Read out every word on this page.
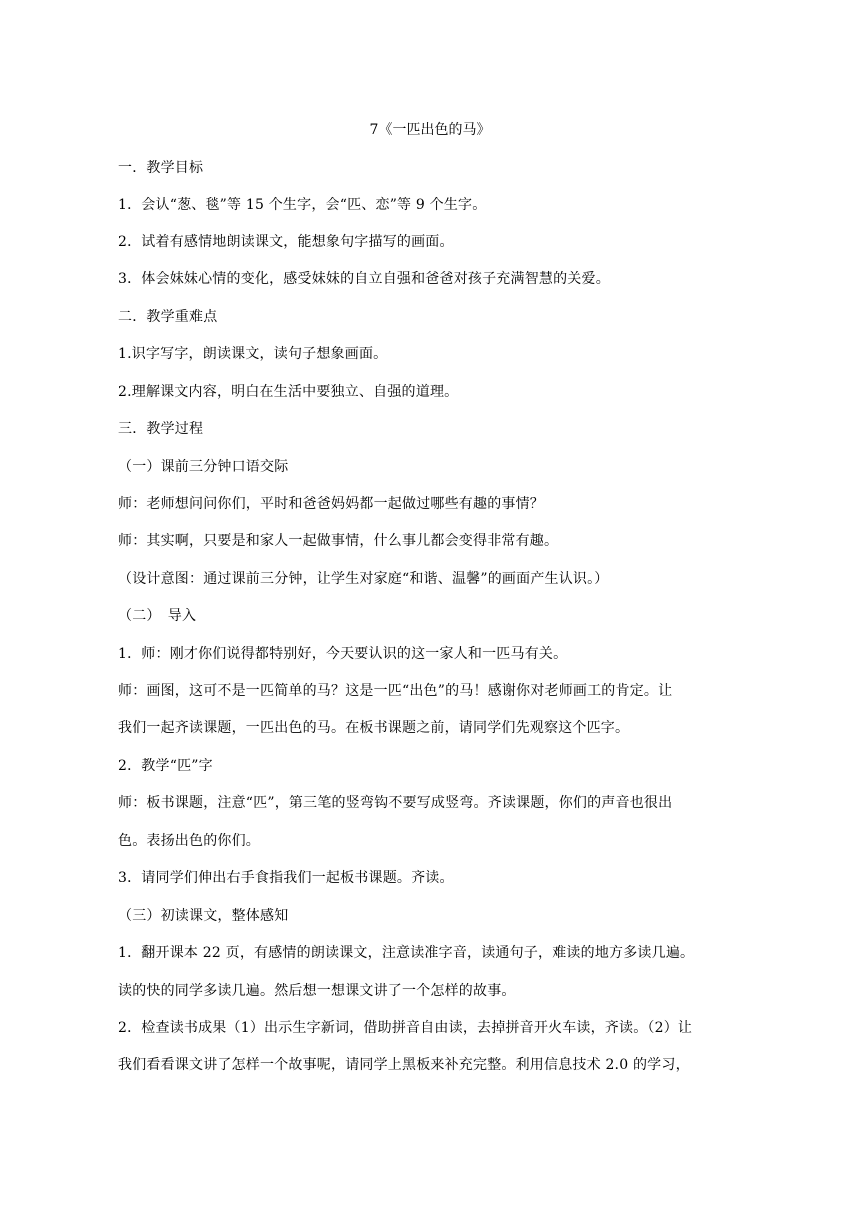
7《一匹出色的马》
一．教学目标
1．会认“葱、毯”等 15 个生字，会“匹、恋”等 9 个生字。
2．试着有感情地朗读课文，能想象句字描写的画面。
3．体会妹妹心情的变化，感受妹妹的自立自强和爸爸对孩子充满智慧的关爱。
二．教学重难点
1.识字写字，朗读课文，读句子想象画面。
2.理解课文内容，明白在生活中要独立、自强的道理。
三．教学过程
（一）课前三分钟口语交际
师：老师想问问你们，平时和爸爸妈妈都一起做过哪些有趣的事情？
师：其实啊，只要是和家人一起做事情，什么事儿都会变得非常有趣。
（设计意图：通过课前三分钟，让学生对家庭“和谐、温馨”的画面产生认识。）
（二）　导入
1．师：刚才你们说得都特别好，今天要认识的这一家人和一匹马有关。
师：画图，这可不是一匹简单的马？这是一匹“出色”的马！感谢你对老师画工的肯定。让
我们一起齐读课题，一匹出色的马。在板书课题之前，请同学们先观察这个匹字。
2．教学“匹”字
师：板书课题，注意“匹”，第三笔的竖弯钩不要写成竖弯。齐读课题，你们的声音也很出
色。表扬出色的你们。
3．请同学们伸出右手食指我们一起板书课题。齐读。
（三）初读课文，整体感知
1．翻开课本 22 页，有感情的朗读课文，注意读准字音，读通句子，难读的地方多读几遍。
读的快的同学多读几遍。然后想一想课文讲了一个怎样的故事。
2．检查读书成果（1）出示生字新词，借助拼音自由读，去掉拼音开火车读，齐读。（2）让
我们看看课文讲了怎样一个故事呢，请同学上黑板来补充完整。利用信息技术 2.0 的学习，
